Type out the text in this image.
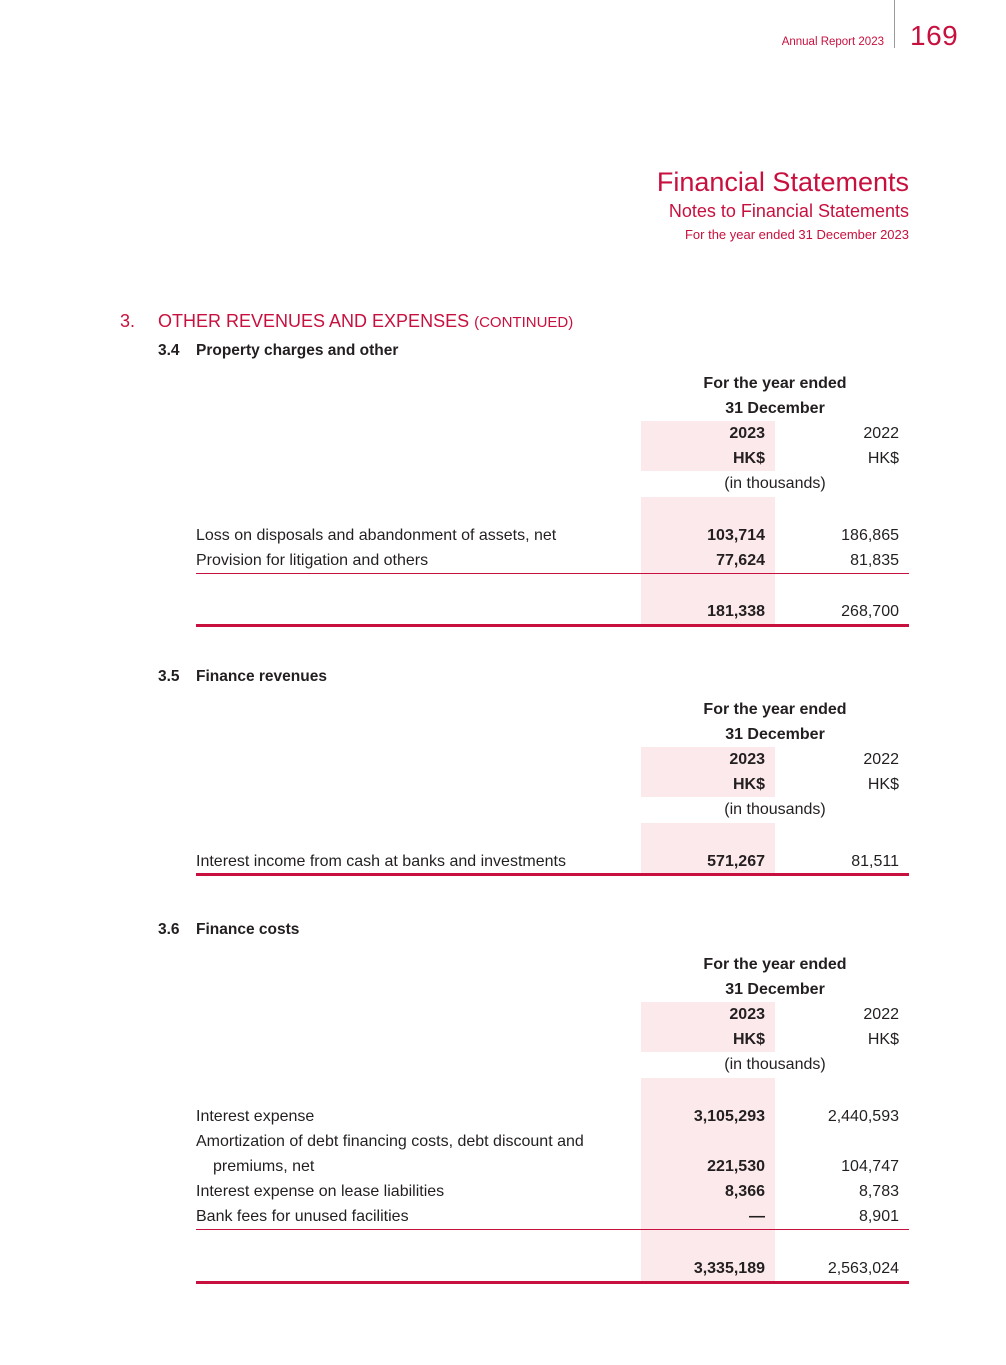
Annual Report 2023 169
Financial Statements
Notes to Financial Statements
For the year ended 31 December 2023
3. OTHER REVENUES AND EXPENSES (CONTINUED)
3.4 Property charges and other
For the year ended
31 December
2023	2022
HK$	HK$
(in thousands)
Loss on disposals and abandonment of assets, net	103,714	186,865
Provision for litigation and others	77,624	81,835
181,338	268,700
3.5 Finance revenues
For the year ended
31 December
2023	2022
HK$	HK$
(in thousands)
Interest income from cash at banks and investments	571,267	81,511
3.6 Finance costs
For the year ended
31 December
2023	2022
HK$	HK$
(in thousands)
Interest expense	3,105,293	2,440,593
Amortization of debt financing costs, debt discount and
premiums, net	221,530	104,747
Interest expense on lease liabilities	8,366	8,783
Bank fees for unused facilities	—	8,901
3,335,189	2,563,024
